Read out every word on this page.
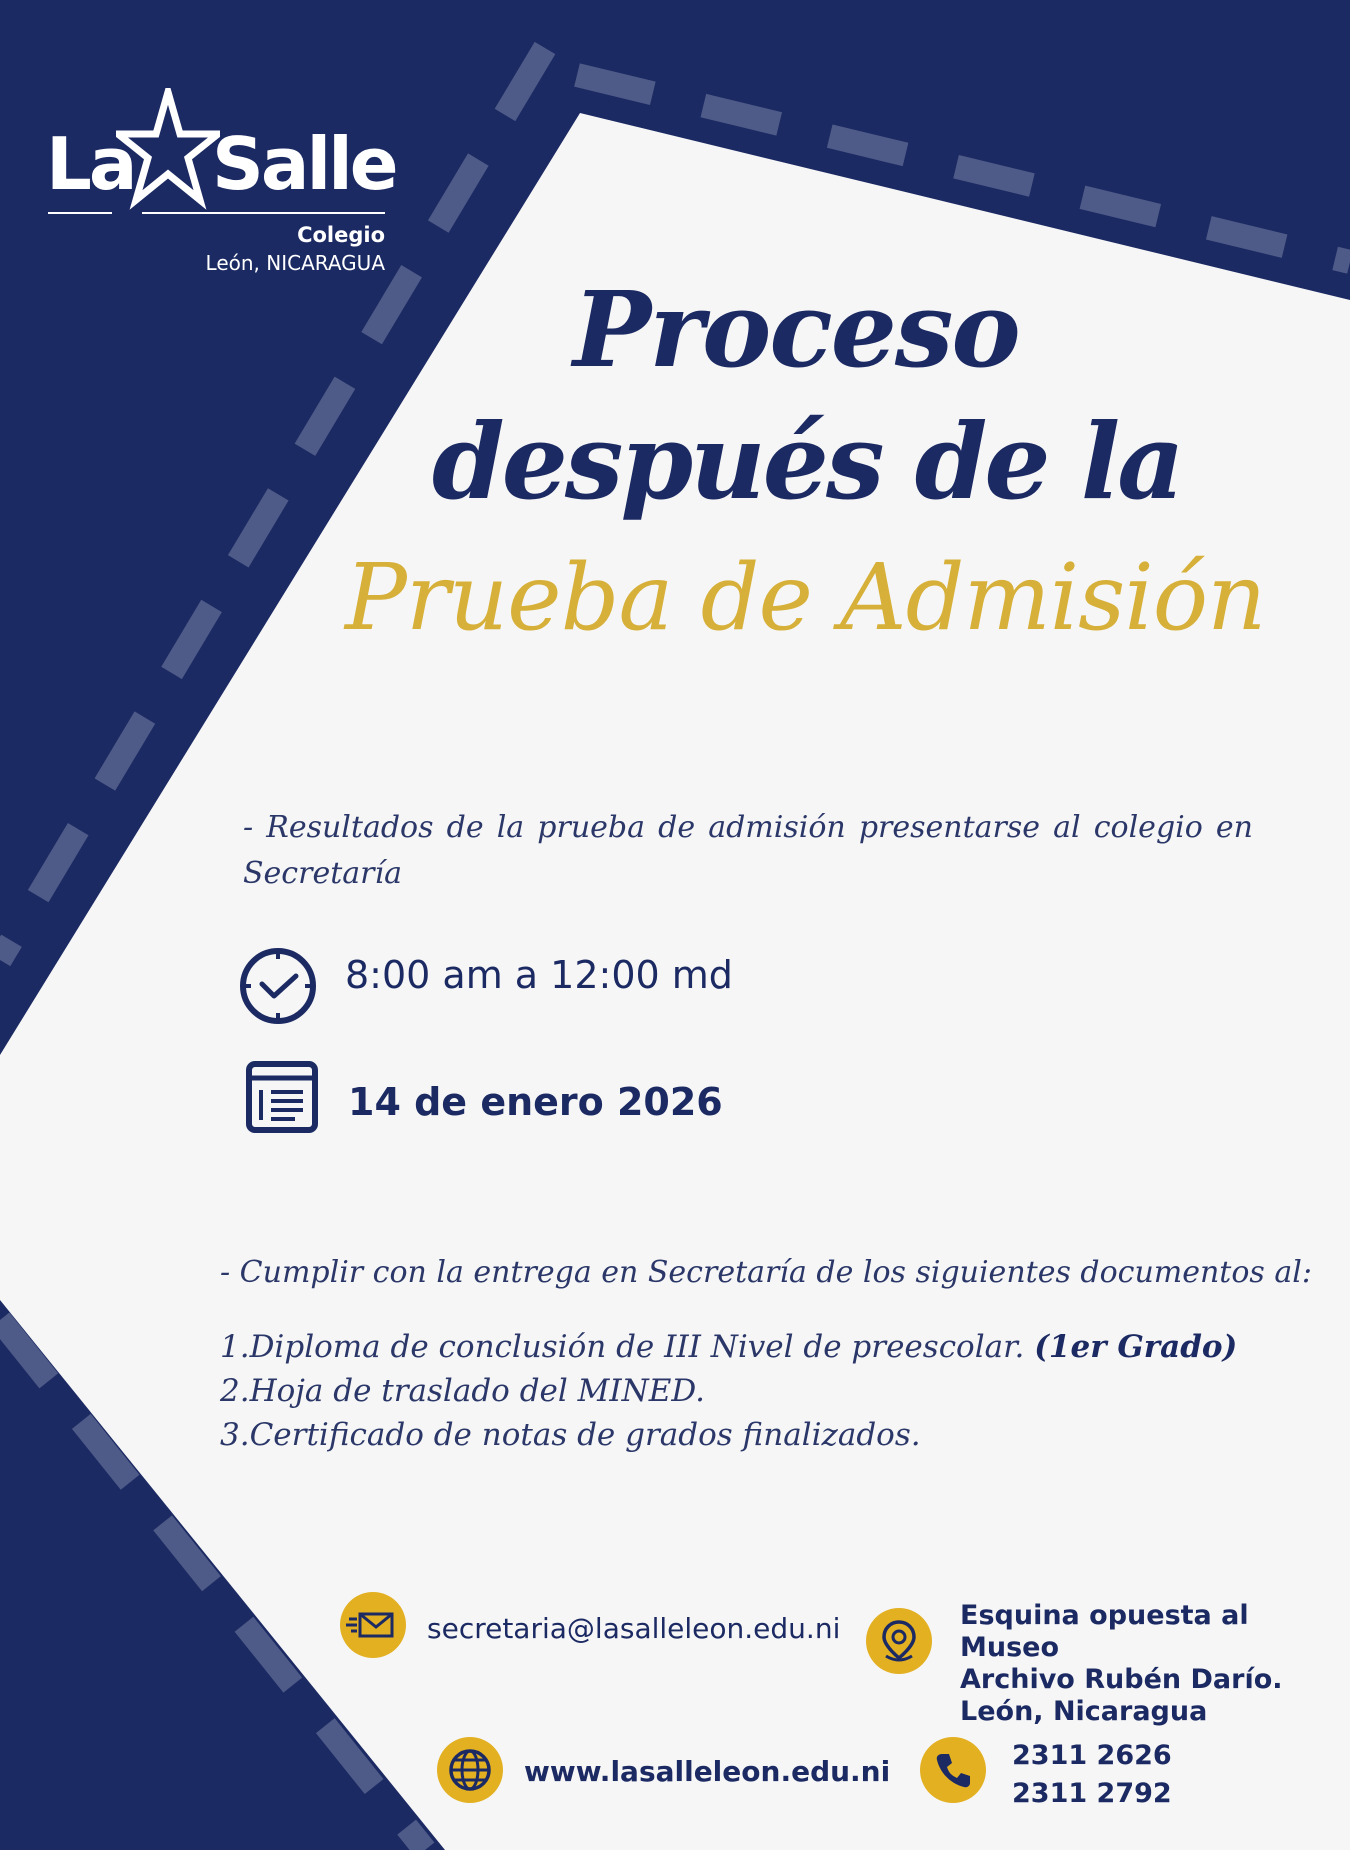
La Salle
Colegio
León, NICARAGUA
Proceso
después de la
Prueba de Admisión
- Resultados de la prueba de admisión presentarse al colegio en Secretaría
8:00 am a 12:00 md
14 de enero 2026
- Cumplir con la entrega en Secretaría de los siguientes documentos al:
1.Diploma de conclusión de III Nivel de preescolar. (1er Grado)
2.Hoja de traslado del MINED.
3.Certificado de notas de grados finalizados.
secretaria@lasalleleon.edu.ni
www.lasalleleon.edu.ni
Esquina opuesta al Museo
Archivo Rubén Darío.
León, Nicaragua
2311 2626
2311 2792
